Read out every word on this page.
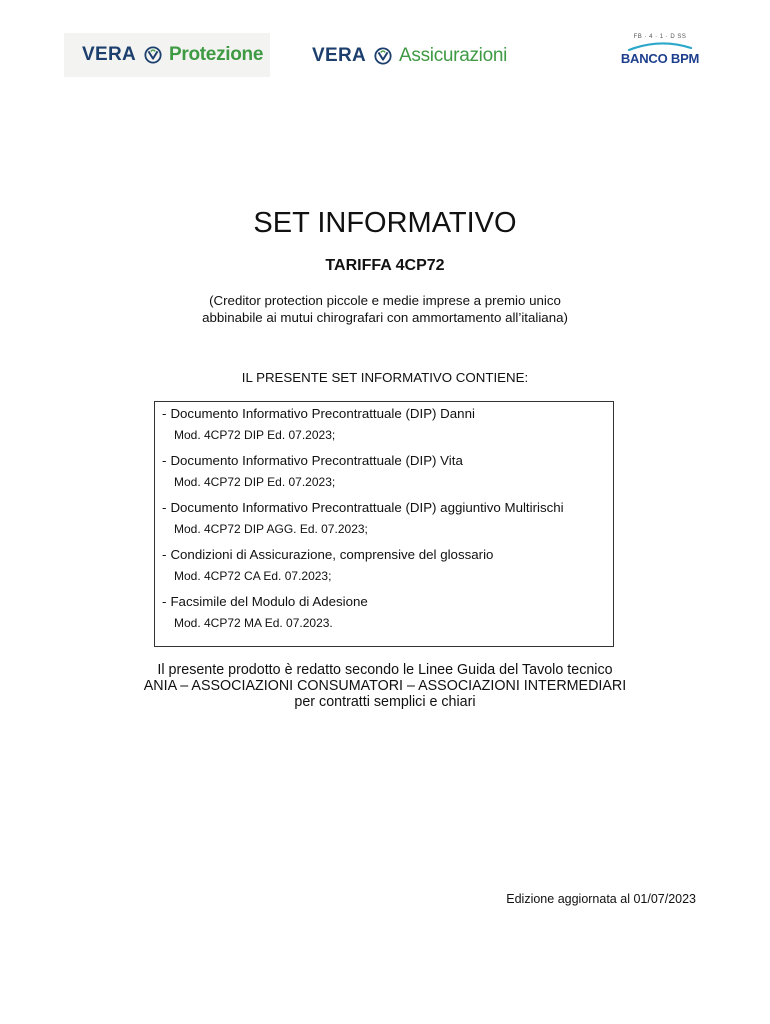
VERA Protezione	VERA Assicurazioni
FB · 4 · 1 · D SS
BANCO BPM
SET INFORMATIVO
TARIFFA 4CP72
(Creditor protection piccole e medie imprese a premio unico
abbinabile ai mutui chirografari con ammortamento all’italiana)
IL PRESENTE SET INFORMATIVO CONTIENE:
- Documento Informativo Precontrattuale (DIP) Danni
Mod. 4CP72 DIP Ed. 07.2023;
- Documento Informativo Precontrattuale (DIP) Vita
Mod. 4CP72 DIP Ed. 07.2023;
- Documento Informativo Precontrattuale (DIP) aggiuntivo Multirischi
Mod. 4CP72 DIP AGG. Ed. 07.2023;
- Condizioni di Assicurazione, comprensive del glossario
Mod. 4CP72 CA Ed. 07.2023;
- Facsimile del Modulo di Adesione
Mod. 4CP72 MA Ed. 07.2023.
Il presente prodotto è redatto secondo le Linee Guida del Tavolo tecnico
ANIA – ASSOCIAZIONI CONSUMATORI – ASSOCIAZIONI INTERMEDIARI
per contratti semplici e chiari
Edizione aggiornata al 01/07/2023
